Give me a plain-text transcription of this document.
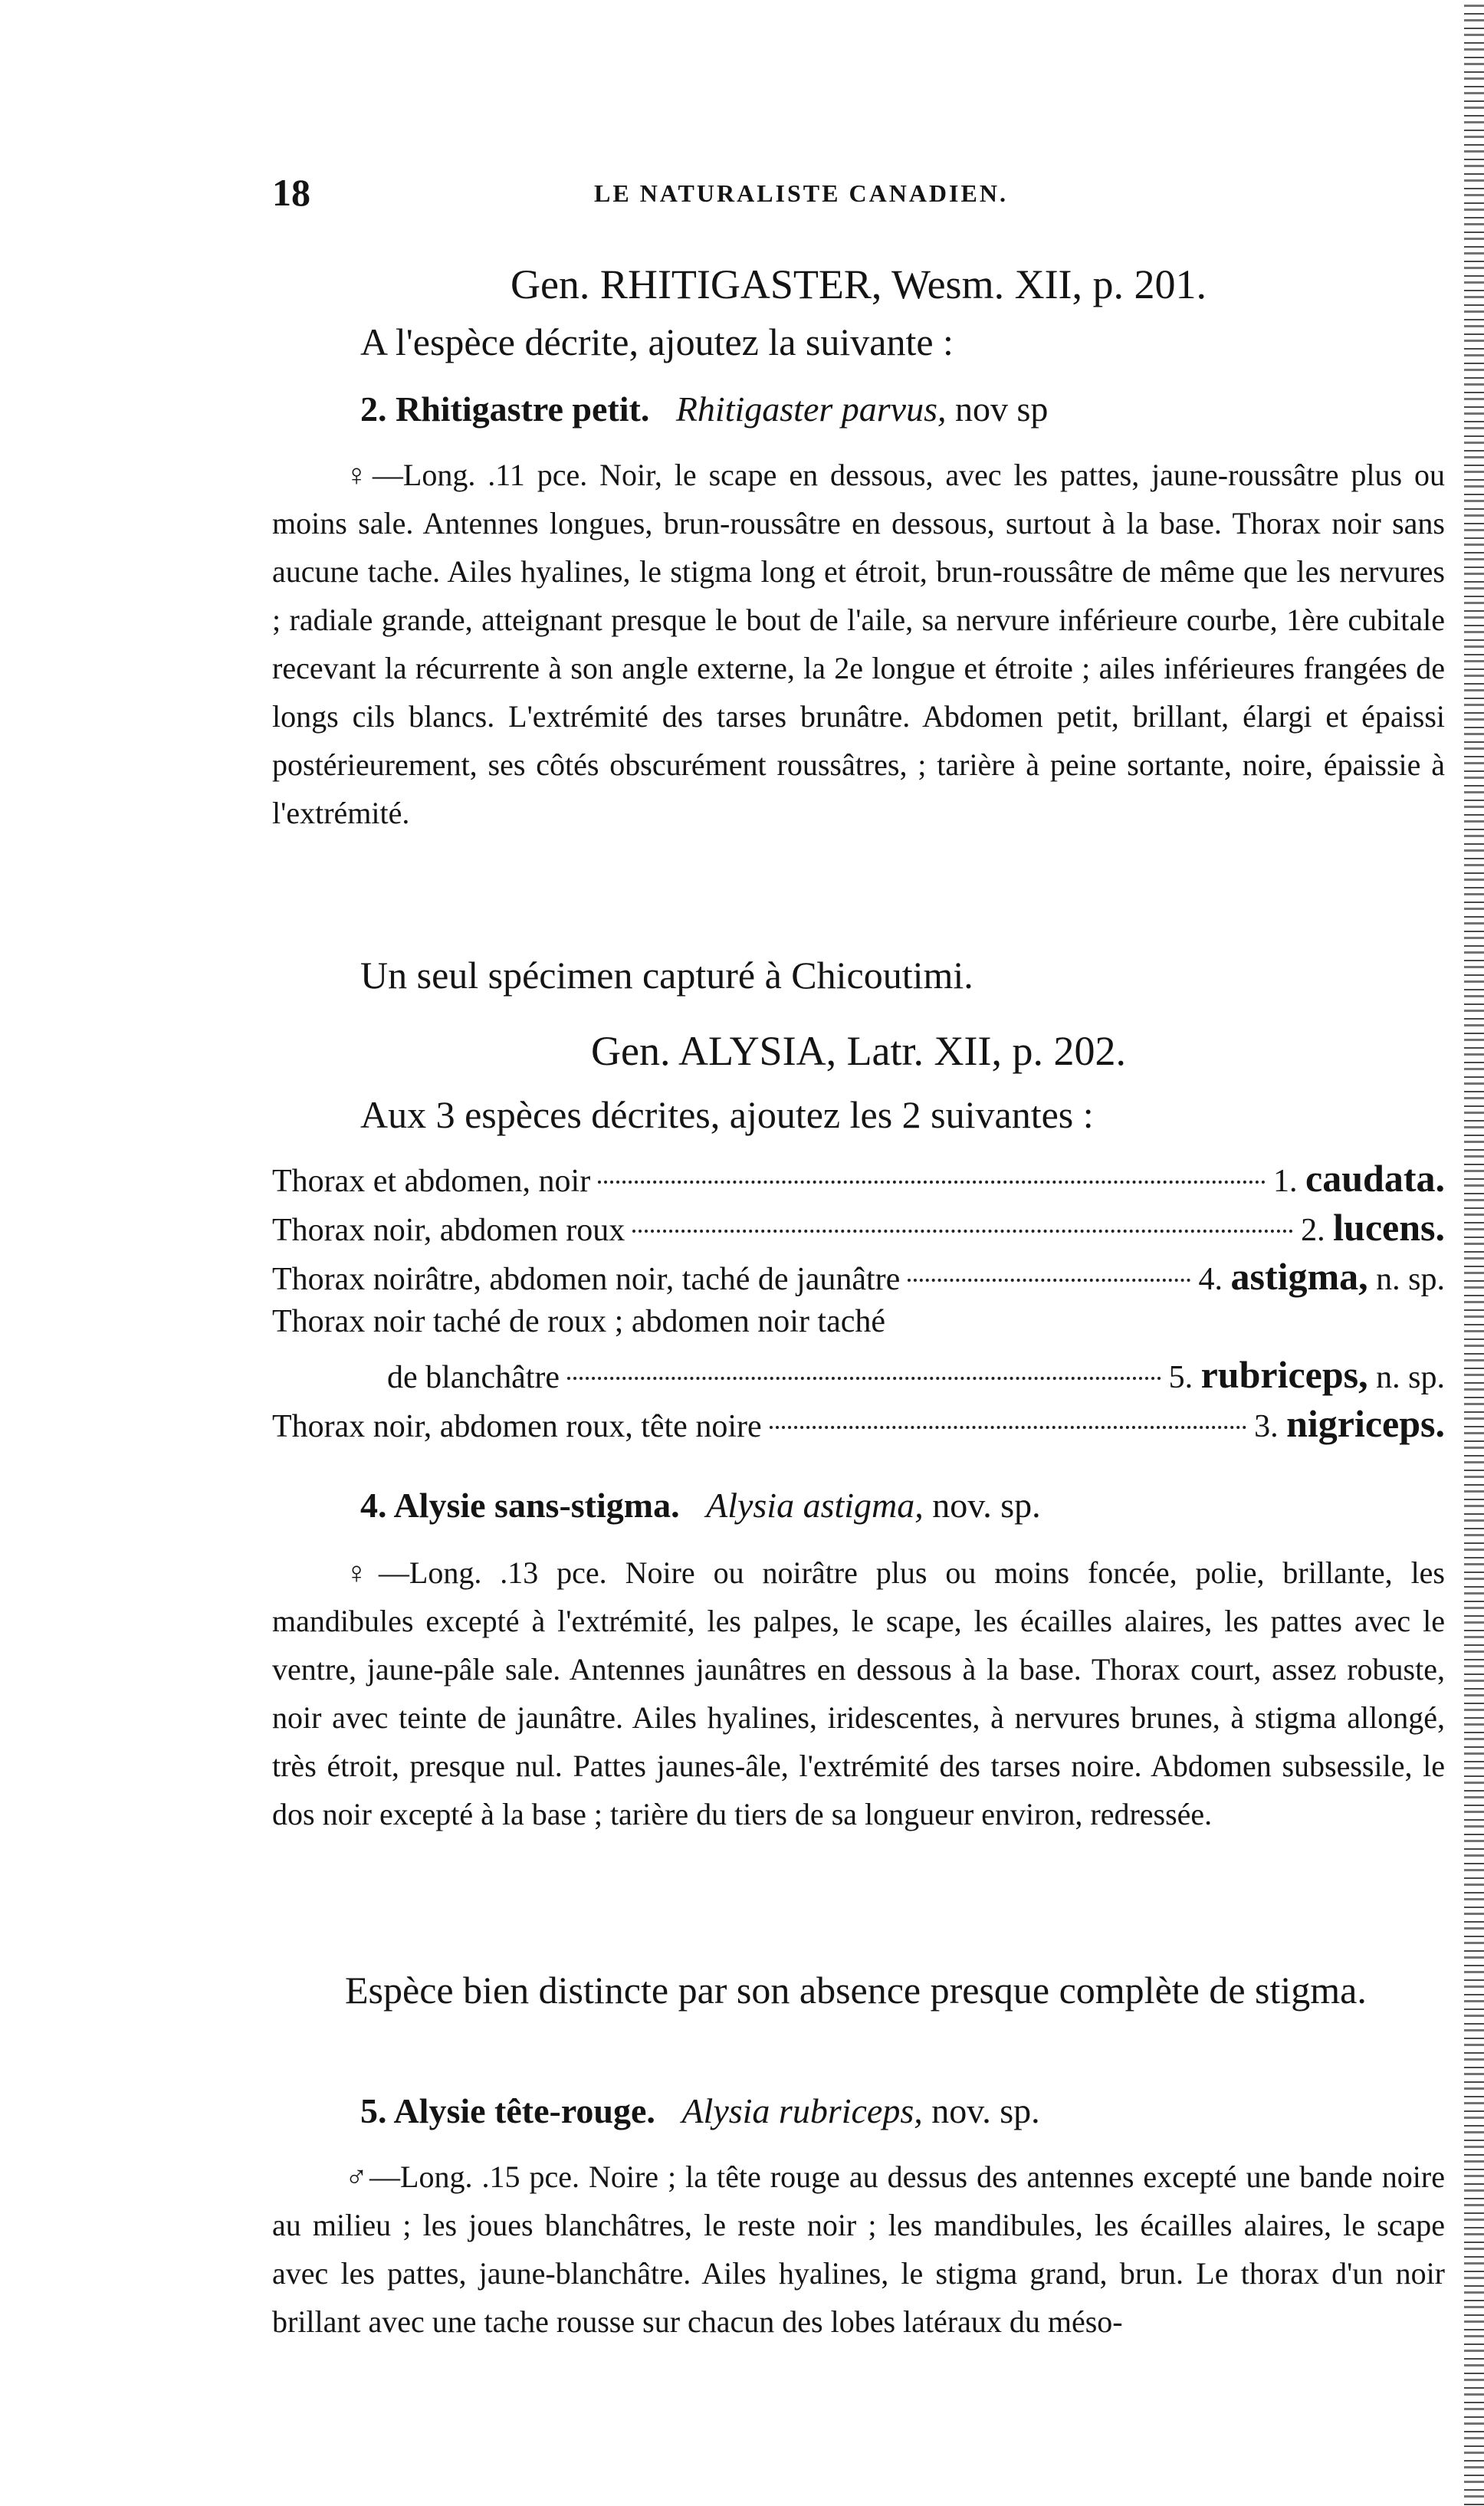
18	LE NATURALISTE CANADIEN.
Gen. RHITIGASTER, Wesm. XII, p. 201.
A l'espèce décrite, ajoutez la suivante :
2. Rhitigastre petit. Rhitigaster parvus, nov sp
♀—Long. .11 pce. Noir, le scape en dessous, avec les pattes, jaune-roussâtre plus ou moins sale. Antennes longues, brun-roussâtre en dessous, surtout à la base. Thorax noir sans aucune tache. Ailes hyalines, le stigma long et étroit, brun-roussâtre de même que les nervures ; radiale grande, atteignant presque le bout de l'aile, sa nervure inférieure courbe, 1ère cubitale recevant la récurrente à son angle externe, la 2e longue et étroite ; ailes inférieures frangées de longs cils blancs. L'extrémité des tarses brunâtre. Abdomen petit, brillant, élargi et épaissi postérieurement, ses côtés obscurément roussâtres, ; tarière à peine sortante, noire, épaissie à l'extrémité.
Un seul spécimen capturé à Chicoutimi.
Gen. ALYSIA, Latr. XII, p. 202.
Aux 3 espèces décrites, ajoutez les 2 suivantes :
Thorax et abdomen, noir	1. caudata.
Thorax noir, abdomen roux	2. lucens.
Thorax noirâtre, abdomen noir, taché de jaunâtre	4. astigma, n. sp.
Thorax noir taché de roux ; abdomen noir taché
de blanchâtre	5. rubriceps, n. sp.
Thorax noir, abdomen roux, tête noire	3. nigriceps.
4. Alysie sans-stigma. Alysia astigma, nov. sp.
♀—Long. .13 pce. Noire ou noirâtre plus ou moins foncée, polie, brillante, les mandibules excepté à l'extrémité, les palpes, le scape, les écailles alaires, les pattes avec le ventre, jaune-pâle sale. Antennes jaunâtres en dessous à la base. Thorax court, assez robuste, noir avec teinte de jaunâtre. Ailes hyalines, iridescentes, à nervures brunes, à stigma allongé, très étroit, presque nul. Pattes jaunes-âle, l'extrémité des tarses noire. Abdomen subsessile, le dos noir excepté à la base ; tarière du tiers de sa longueur environ, redressée.
Espèce bien distincte par son absence presque complète de stigma.
5. Alysie tête-rouge. Alysia rubriceps, nov. sp.
♂—Long. .15 pce. Noire ; la tête rouge au dessus des antennes excepté une bande noire au milieu ; les joues blanchâtres, le reste noir ; les mandibules, les écailles alaires, le scape avec les pattes, jaune-blanchâtre. Ailes hyalines, le stigma grand, brun. Le thorax d'un noir brillant avec une tache rousse sur chacun des lobes latéraux du méso-
